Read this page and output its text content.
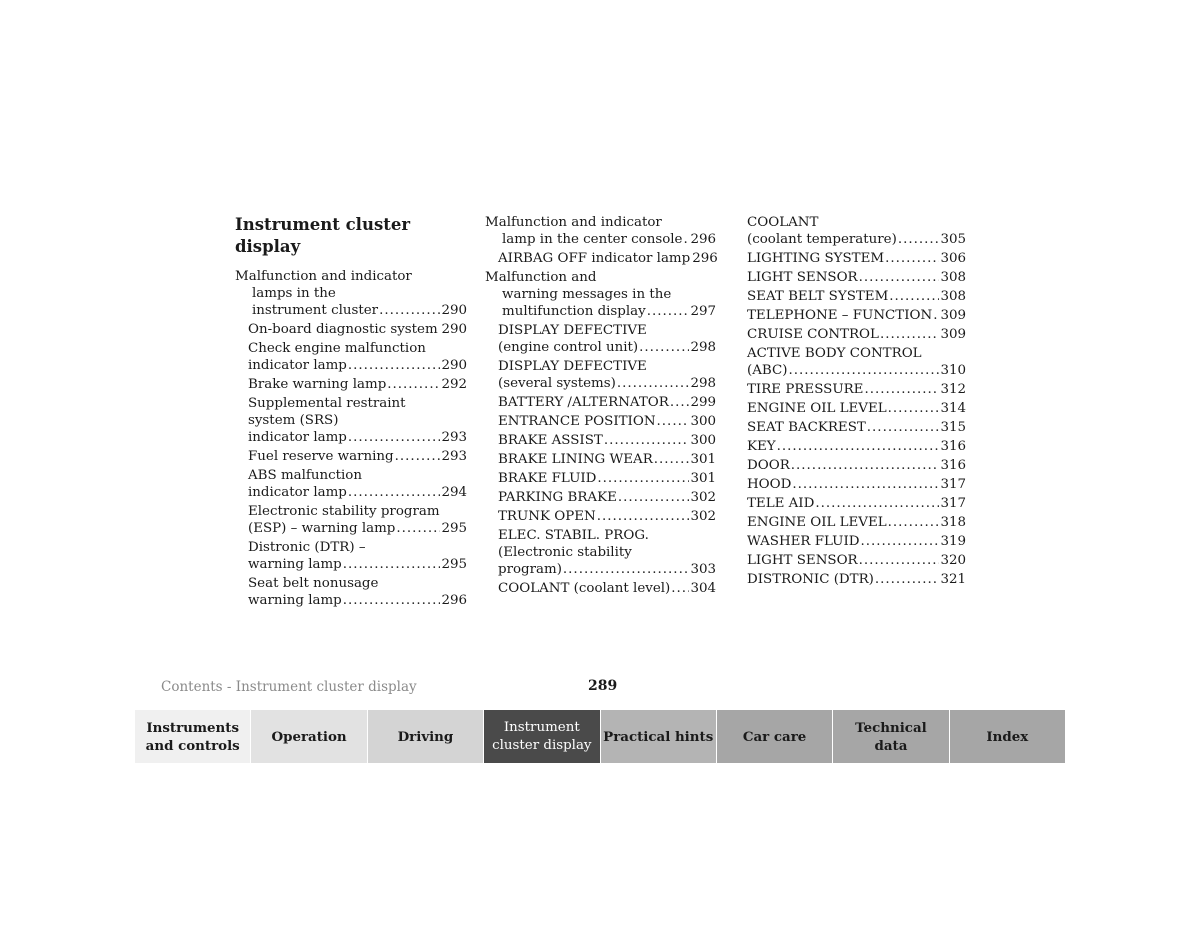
Instrument cluster display
Malfunction and indicator
lamps in the
instrument cluster .....	290
On-board diagnostic system ..... 290
Check engine malfunction
indicator lamp .....	290
Brake warning lamp .....	292
Supplemental restraint
system (SRS)
indicator lamp .....	293
Fuel reserve warning .....	293
ABS malfunction
indicator lamp .....	294
Electronic stability program
(ESP) – warning lamp .....	295
Distronic (DTR) –
warning lamp .....	295
Seat belt nonusage
warning lamp .....	296
Malfunction and indicator
lamp in the center console ..... 296
AIRBAG OFF indicator lamp 296
Malfunction and
warning messages in the
multifunction display .....	297
DISPLAY DEFECTIVE
(engine control unit) .....	298
DISPLAY DEFECTIVE
(several systems) .....	298
BATTERY /ALTERNATOR ..... 299
ENTRANCE POSITION .....	300
BRAKE ASSIST .....	300
BRAKE LINING WEAR .....	301
BRAKE FLUID .....	301
PARKING BRAKE .....	302
TRUNK OPEN .....	302
ELEC. STABIL. PROG.
(Electronic stability
program) .....	303
COOLANT (coolant level) ..... 304
COOLANT
(coolant temperature) .....	305
LIGHTING SYSTEM .....	306
LIGHT SENSOR .....	308
SEAT BELT SYSTEM .....	308
TELEPHONE – FUNCTION ..... 309
CRUISE CONTROL .....	309
ACTIVE BODY CONTROL
(ABC) .....	310
TIRE PRESSURE .....	312
ENGINE OIL LEVEL .....	314
SEAT BACKREST .....	315
KEY .....	316
DOOR .....	316
HOOD .....	317
TELE AID .....	317
ENGINE OIL LEVEL .....	318
WASHER FLUID .....	319
LIGHT SENSOR .....	320
DISTRONIC (DTR) .....	321
Contents - Instrument cluster display	289
Instruments
and controls
Operation	Driving
Instrument
cluster display
Practical hints Car care
Technical
data
Index
